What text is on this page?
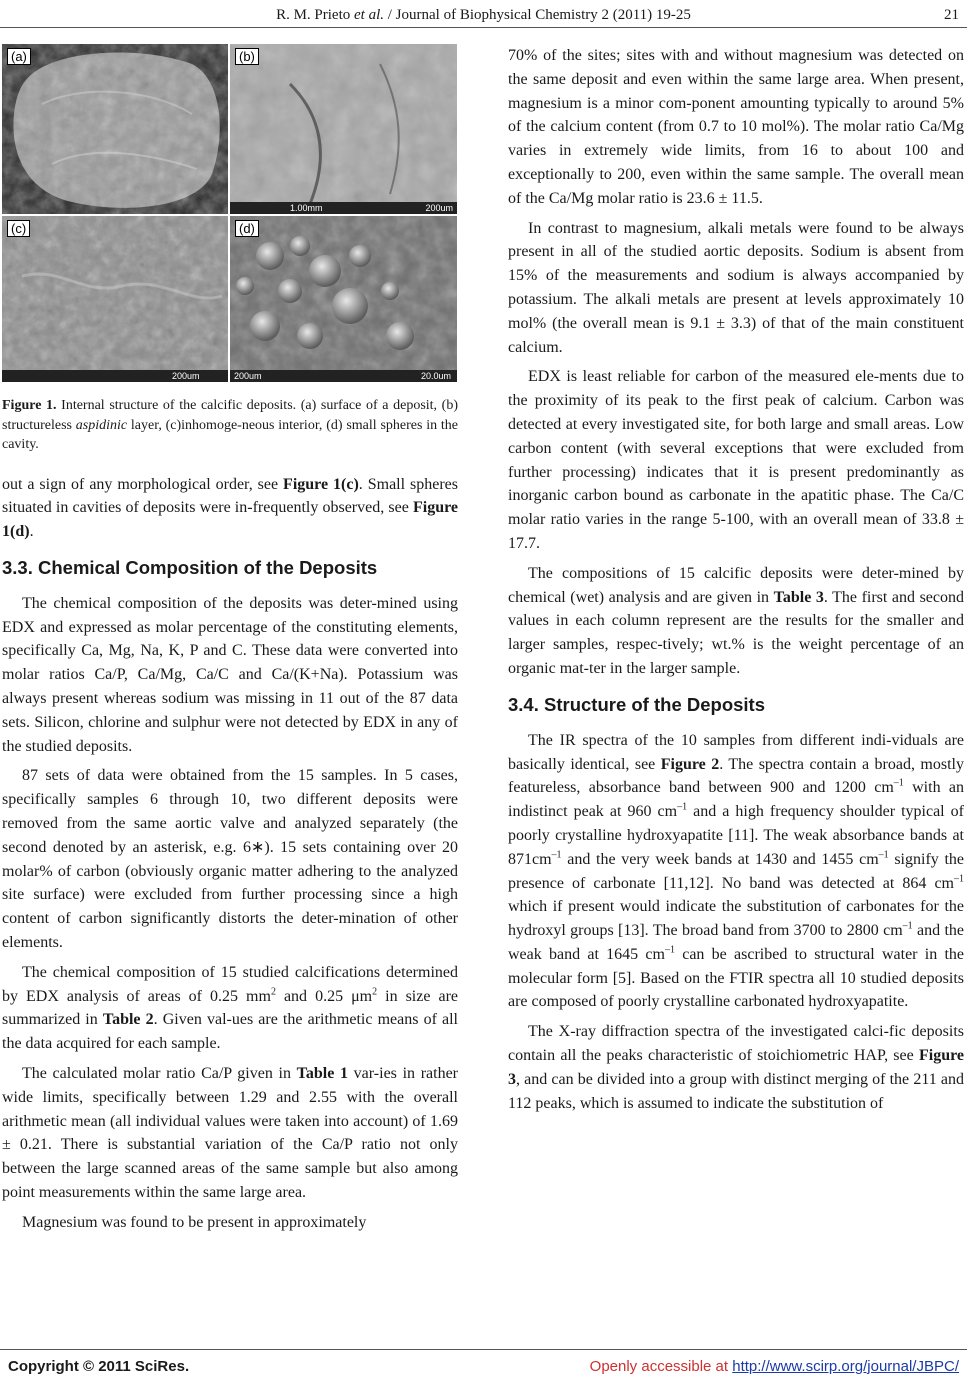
R. M. Prieto et al. / Journal of Biophysical Chemistry 2 (2011) 19-25	21
(a)	(b)
1.00mm	200um
(c)
200um
(d)
200um	20.0um
Figure 1. Internal structure of the calcific deposits. (a) surface of a deposit, (b) structureless aspidinic layer, (c)inhomoge-neous interior, (d) small spheres in the cavity.

out a sign of any morphological order, see Figure 1(c). Small spheres situated in cavities of deposits were in-frequently observed, see Figure 1(d).

3.3. Chemical Composition of the Deposits

The chemical composition of the deposits was deter-mined using EDX and expressed as molar percentage of the constituting elements, specifically Ca, Mg, Na, K, P and C. These data were converted into molar ratios Ca/P, Ca/Mg, Ca/C and Ca/(K+Na). Potassium was always present whereas sodium was missing in 11 out of the 87 data sets. Silicon, chlorine and sulphur were not detected by EDX in any of the studied deposits.

87 sets of data were obtained from the 15 samples. In 5 cases, specifically samples 6 through 10, two different deposits were removed from the same aortic valve and analyzed separately (the second denoted by an asterisk, e.g. 6∗). 15 sets containing over 20 molar% of carbon (obviously organic matter adhering to the analyzed site surface) were excluded from further processing since a high content of carbon significantly distorts the deter-mination of other elements.

The chemical composition of 15 studied calcifications determined by EDX analysis of areas of 0.25 $mm^2$ and 0.25 $\mu m^2$ in size are summarized in Table 2. Given val-ues are the arithmetic means of all the data acquired for each sample.

The calculated molar ratio Ca/P given in Table 1 var-ies in rather wide limits, specifically between 1.29 and 2.55 with the overall arithmetic mean (all individual values were taken into account) of 1.69 ± 0.21. There is substantial variation of the Ca/P ratio not only between the large scanned areas of the same sample but also among point measurements within the same large area.

Magnesium was found to be present in approximately

70% of the sites; sites with and without magnesium was detected on the same deposit and even within the same large area. When present, magnesium is a minor com-ponent amounting typically to around 5% of the calcium content (from 0.7 to 10 mol%). The molar ratio Ca/Mg varies in extremely wide limits, from 16 to about 100 and exceptionally to 200, even within the same sample. The overall mean of the Ca/Mg molar ratio is 23.6 ± 11.5.

In contrast to magnesium, alkali metals were found to be always present in all of the studied aortic deposits. Sodium is absent from 15% of the measurements and sodium is always accompanied by potassium. The alkali metals are present at levels approximately 10 mol% (the overall mean is 9.1 ± 3.3) of that of the main constituent calcium.

EDX is least reliable for carbon of the measured ele-ments due to the proximity of its peak to the first peak of calcium. Carbon was detected at every investigated site, for both large and small areas. Low carbon content (with several exceptions that were excluded from further processing) indicates that it is present predominantly as inorganic carbon bound as carbonate in the apatitic phase. The Ca/C molar ratio varies in the range 5-100, with an overall mean of 33.8 ± 17.7.

The compositions of 15 calcific deposits were deter-mined by chemical (wet) analysis and are given in Table 3. The first and second values in each column represent are the results for the smaller and larger samples, respec-tively; wt.% is the weight percentage of an organic mat-ter in the larger sample.

3.4. Structure of the Deposits

The IR spectra of the 10 samples from different indi-viduals are basically identical, see Figure 2. The spectra contain a broad, mostly featureless, absorbance band between 900 and 1200 $cm^{-1}$ with an indistinct peak at 960 $cm^{-1}$ and a high frequency shoulder typical of poorly crystalline hydroxyapatite [11]. The weak absorbance bands at $871cm^{-1}$ and the very week bands at 1430 and 1455 $cm^{-1}$ signify the presence of carbonate [11,12]. No band was detected at 864 $cm^{-1}$ which if present would indicate the substitution of carbonates for the hydroxyl groups [13]. The broad band from 3700 to 2800 $cm^{-1}$ and the weak band at 1645 $cm^{-1}$ can be ascribed to structural water in the molecular form [5]. Based on the FTIR spectra all 10 studied deposits are composed of poorly crystalline carbonated hydroxyapatite.

The X-ray diffraction spectra of the investigated calci-fic deposits contain all the peaks characteristic of stoichiometric HAP, see Figure 3, and can be divided into a group with distinct merging of the 211 and 112 peaks, which is assumed to indicate the substitution of

Copyright © 2011 SciRes.	Openly accessible at http://www.scirp.org/journal/JBPC/
